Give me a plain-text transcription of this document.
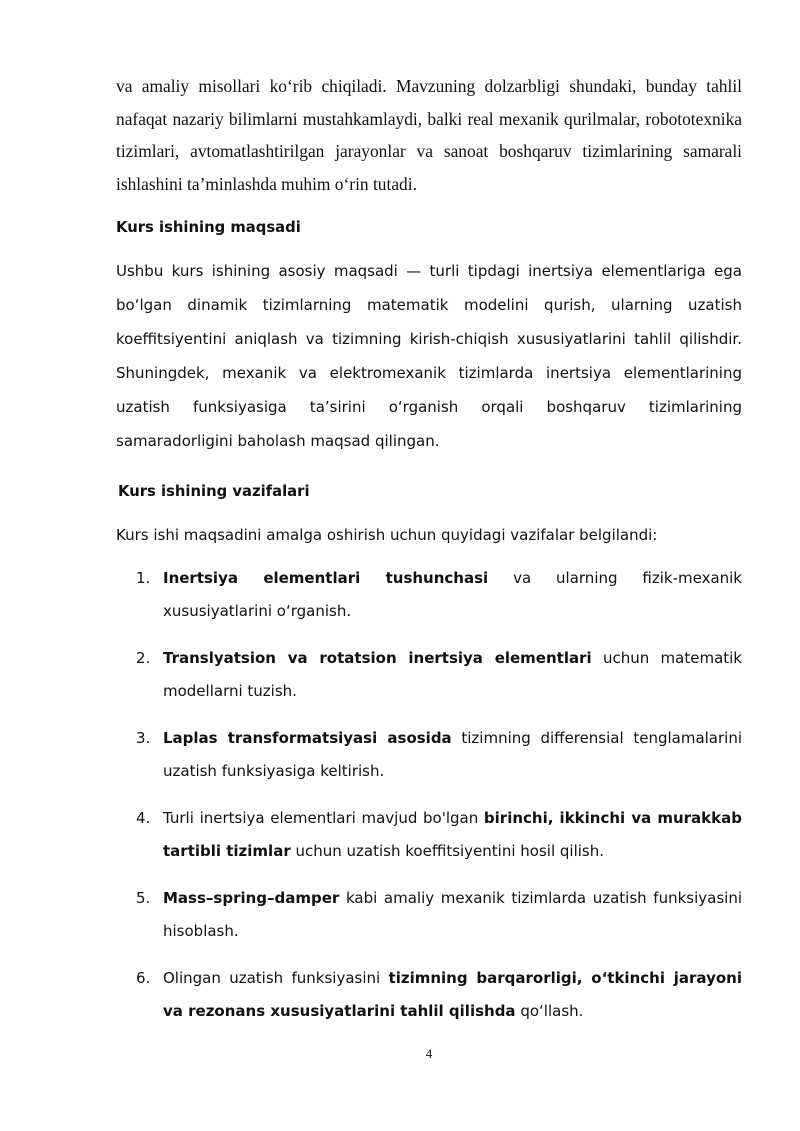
va amaliy misollari ko‘rib chiqiladi. Mavzuning dolzarbligi shundaki, bunday tahlil nafaqat nazariy bilimlarni mustahkamlaydi, balki real mexanik qurilmalar, robototexnika tizimlari, avtomatlashtirilgan jarayonlar va sanoat boshqaruv tizimlarining samarali ishlashini ta’minlashda muhim o‘rin tutadi.

Kurs ishining maqsadi

Ushbu kurs ishining asosiy maqsadi — turli tipdagi inertsiya elementlariga ega bo‘lgan dinamik tizimlarning matematik modelini qurish, ularning uzatish koeffitsiyentini aniqlash va tizimning kirish-chiqish xususiyatlarini tahlil qilishdir. Shuningdek, mexanik va elektromexanik tizimlarda inertsiya elementlarining uzatish funksiyasiga ta’sirini o‘rganish orqali boshqaruv tizimlarining samaradorligini baholash maqsad qilingan.

Kurs ishining vazifalari

Kurs ishi maqsadini amalga oshirish uchun quyidagi vazifalar belgilandi:

1. Inertsiya elementlari tushunchasi va ularning fizik-mexanik xususiyatlarini o‘rganish.
2. Translyatsion va rotatsion inertsiya elementlari uchun matematik modellarni tuzish.
3. Laplas transformatsiyasi asosida tizimning differensial tenglamalarini uzatish funksiyasiga keltirish.
4. Turli inertsiya elementlari mavjud bo'lgan birinchi, ikkinchi va murakkab tartibli tizimlar uchun uzatish koeffitsiyentini hosil qilish.
5. Mass–spring–damper kabi amaliy mexanik tizimlarda uzatish funksiyasini hisoblash.
6. Olingan uzatish funksiyasini tizimning barqarorligi, o‘tkinchi jarayoni va rezonans xususiyatlarini tahlil qilishda qo‘llash.
4
